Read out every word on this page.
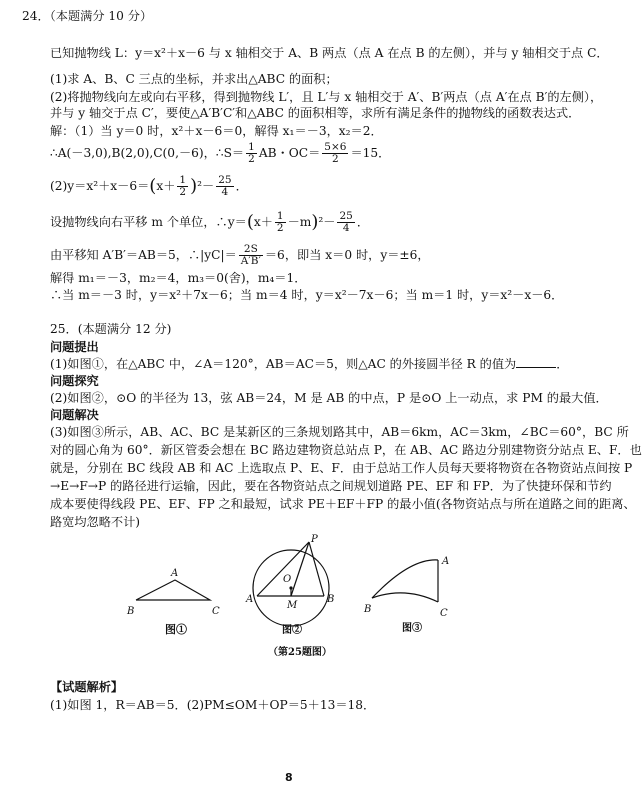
24．（本题满分 10 分）
已知抛物线 L：y＝x²＋x－6 与 x 轴相交于 A、B 两点（点 A 在点 B 的左侧），并与 y 轴相交于点 C．
(1)求 A、B、C 三点的坐标，并求出△ABC 的面积；
(2)将抛物线向左或向右平移，得到抛物线 L′，且 L′与 x 轴相交于 A′、B′两点（点 A′在点 B′的左侧），
并与 y 轴交于点 C′，要使△A′B′C′和△ABC 的面积相等，求所有满足条件的抛物线的函数表达式．
解：（1）当 y＝0 时，x²＋x－6＝0，解得 x₁＝－3，x₂＝2．
∴A(－3,0),B(2,0),C(0,－6)，∴S＝ $\frac{1}{2}$ AB・$OC= \frac{5\times 6}{2} =15$．
$(2)y=x^2+x-6=(x+ \frac{1}{2} )^2- \frac{25}{4}$ ．
设抛物线向右平移 m 个单位，∴y＝(x＋ $\frac{1}{2} -m)^2- \frac{25}{4}$ ．
由平移知 A′B′＝AB＝5，∴|yC|＝ $\frac{2S}{A'B'} =6$，即当 x＝0 时，y＝±6，
解得 m₁＝－3，m₂＝4，m₃＝0(舍)，m₄＝1．
∴当 m＝－3 时，y＝x²＋7x－6；当 m＝4 时，y＝x²－7x－6；当 m＝1 时，y＝x²－x－6．
25．(本题满分 12 分)
问题提出
(1)如图①，在△ABC 中，∠A＝120°，AB＝AC＝5，则△AC 的外接圆半径 R 的值为	．
问题探究
(2)如图②，⊙O 的半径为 13，弦 AB＝24，M 是 AB 的中点，P 是⊙O 上一动点，求 PM 的最大值．
问题解决
(3)如图③所示，AB、AC、BC 是某新区的三条规划路其中，AB＝6km，AC＝3km，∠BC＝60°，BC 所
对的圆心角为 60°．新区管委会想在 BC 路边建物资总站点 P，在 AB、AC 路边分别建物资分站点 E、F．也
就是，分别在 BC 线段 AB 和 AC 上选取点 P、E、F．由于总站工作人员每天要将物资在各物资站点间按 P
→E→F→P 的路径进行运输，因此，要在各物资站点之间规划道路 PE、EF 和 FP．为了快捷环保和节约
成本要使得线段 PE、EF、FP 之和最短，试求 PE＋EF＋FP 的最小值(各物资站点与所在道路之间的距离、
路宽均忽略不计)
A
B	C
图①
P
O
A	B
M
图②
A
B	C
图③
（第25题图）
【试题解析】
(1)如图 1，R＝AB＝5．(2)PM≤OM＋OP＝5＋13＝18．
8
